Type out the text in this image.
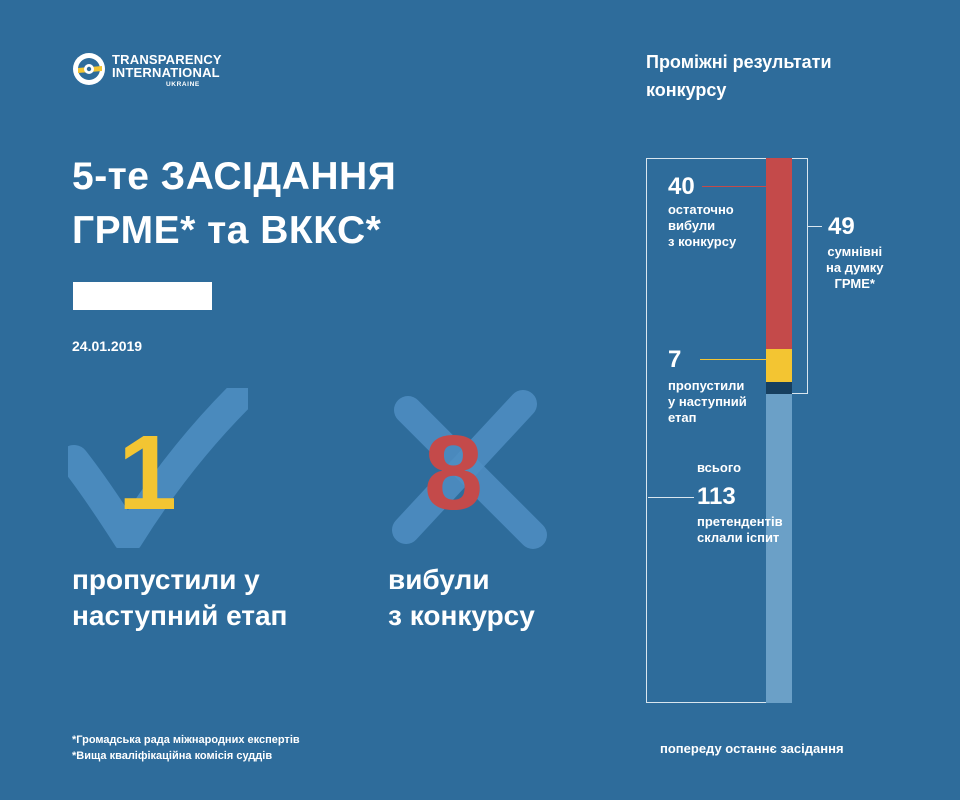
TRANSPARENCY
INTERNATIONAL
UKRAINE
5-те ЗАСІДАННЯ
ГРМЕ* та ВККС*
24.01.2019
1 8
пропустили у
наступний етап
вибули
з конкурсу
Проміжні результати
конкурсу
40
остаточно
вибули
з конкурсу
7
пропустили
у наступний
етап
всього
113
претендентів
склали іспит
49
сумнівні
на думку
ГРМЕ*
*Громадська рада міжнародних експертів
*Вища кваліфікаційна комісія суддів	попереду останнє засідання
